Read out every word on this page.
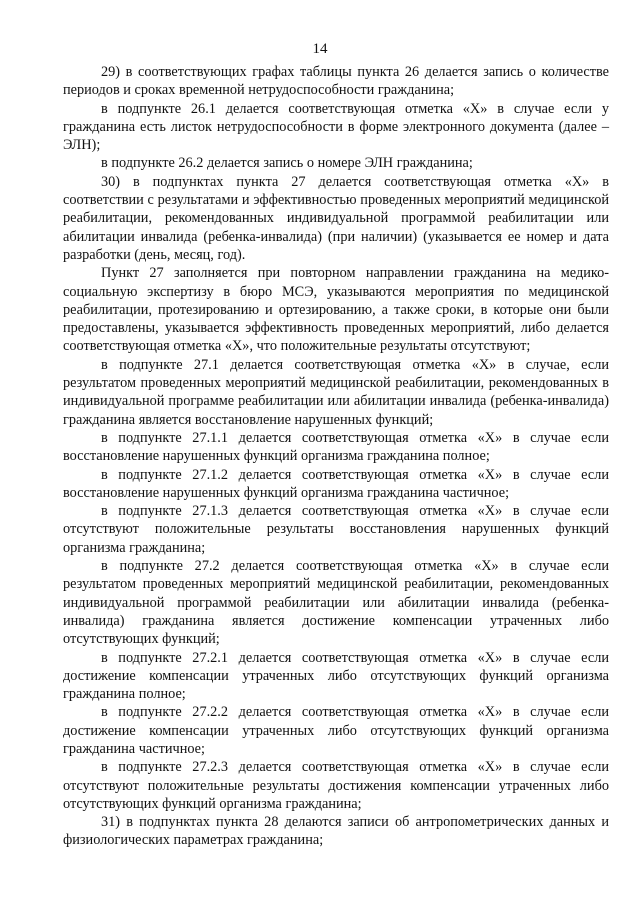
14

29) в соответствующих графах таблицы пункта 26 делается запись о количестве периодов и сроках временной нетрудоспособности гражданина;

в подпункте 26.1 делается соответствующая отметка «Х» в случае если у гражданина есть листок нетрудоспособности в форме электронного документа (далее – ЭЛН);

в подпункте 26.2 делается запись о номере ЭЛН гражданина;

30) в подпунктах пункта 27 делается соответствующая отметка «Х» в соответствии с результатами и эффективностью проведенных мероприятий медицинской реабилитации, рекомендованных индивидуальной программой реабилитации или абилитации инвалида (ребенка-инвалида) (при наличии) (указывается ее номер и дата разработки (день, месяц, год).

Пункт 27 заполняется при повторном направлении гражданина на медико-социальную экспертизу в бюро МСЭ, указываются мероприятия по медицинской реабилитации, протезированию и ортезированию, а также сроки, в которые они были предоставлены, указывается эффективность проведенных мероприятий, либо делается соответствующая отметка «Х», что положительные результаты отсутствуют;

в подпункте 27.1 делается соответствующая отметка «Х» в случае, если результатом проведенных мероприятий медицинской реабилитации, рекомендованных в индивидуальной программе реабилитации или абилитации инвалида (ребенка-инвалида) гражданина является восстановление нарушенных функций;

в подпункте 27.1.1 делается соответствующая отметка «Х» в случае если восстановление нарушенных функций организма гражданина полное;

в подпункте 27.1.2 делается соответствующая отметка «Х» в случае если восстановление нарушенных функций организма гражданина частичное;

в подпункте 27.1.3 делается соответствующая отметка «Х» в случае если отсутствуют положительные результаты восстановления нарушенных функций организма гражданина;

в подпункте 27.2 делается соответствующая отметка «Х» в случае если результатом проведенных мероприятий медицинской реабилитации, рекомендованных индивидуальной программой реабилитации или абилитации инвалида (ребенка-инвалида) гражданина является достижение компенсации утраченных либо отсутствующих функций;

в подпункте 27.2.1 делается соответствующая отметка «Х» в случае если достижение компенсации утраченных либо отсутствующих функций организма гражданина полное;

в подпункте 27.2.2 делается соответствующая отметка «Х» в случае если достижение компенсации утраченных либо отсутствующих функций организма гражданина частичное;

в подпункте 27.2.3 делается соответствующая отметка «Х» в случае если отсутствуют положительные результаты достижения компенсации утраченных либо отсутствующих функций организма гражданина;

31) в подпунктах пункта 28 делаются записи об антропометрических данных и физиологических параметрах гражданина;
